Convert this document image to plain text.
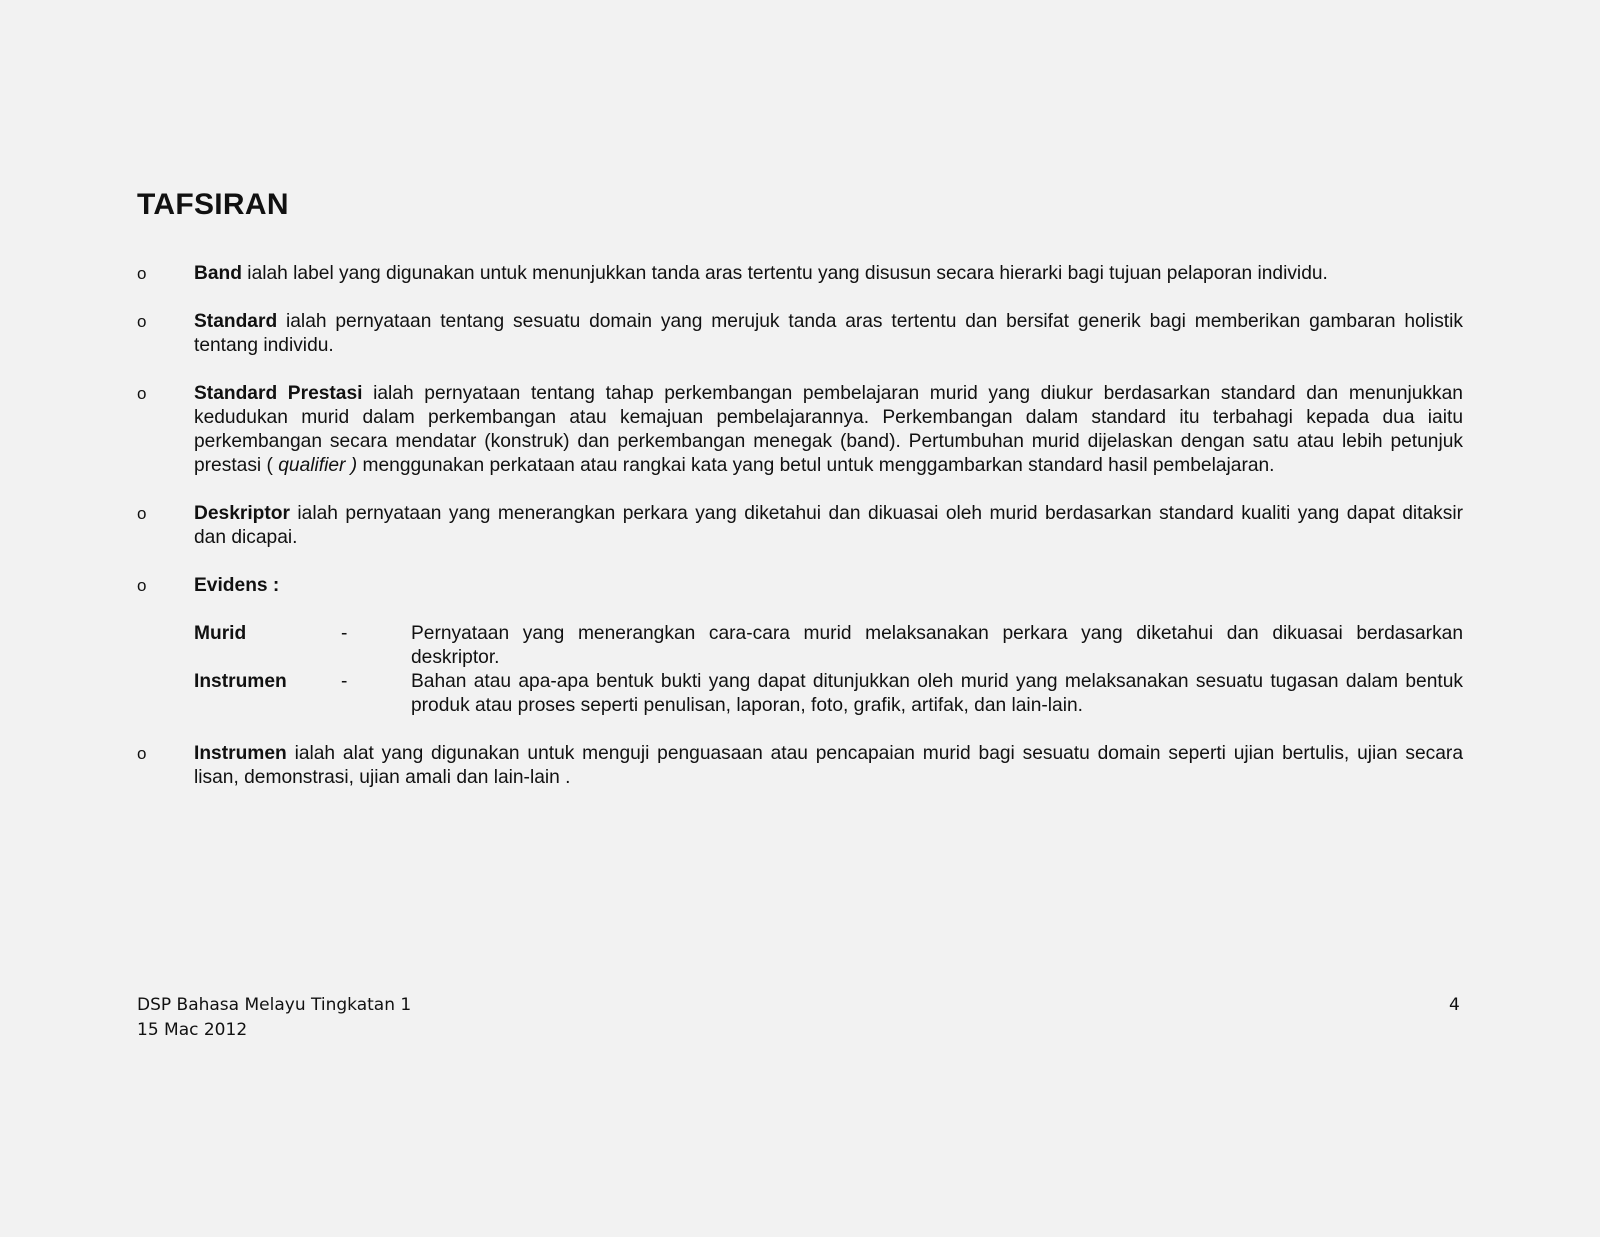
TAFSIRAN
o Band ialah label yang digunakan untuk menunjukkan tanda aras tertentu yang disusun secara hierarki bagi tujuan pelaporan individu.

o Standard ialah pernyataan tentang sesuatu domain yang merujuk tanda aras tertentu dan bersifat generik bagi memberikan gambaran holistik tentang individu.

o Standard Prestasi ialah pernyataan tentang tahap perkembangan pembelajaran murid yang diukur berdasarkan standard dan menunjukkan kedudukan murid dalam perkembangan atau kemajuan pembelajarannya. Perkembangan dalam standard itu terbahagi kepada dua iaitu perkembangan secara mendatar (konstruk) dan perkembangan menegak (band). Pertumbuhan murid dijelaskan dengan satu atau lebih petunjuk prestasi ( qualifier ) menggunakan perkataan atau rangkai kata yang betul untuk menggambarkan standard hasil pembelajaran.

o Deskriptor ialah pernyataan yang menerangkan perkara yang diketahui dan dikuasai oleh murid berdasarkan standard kualiti yang dapat ditaksir dan dicapai.

o Evidens :

Murid	-	Pernyataan yang menerangkan cara-cara murid melaksanakan perkara yang diketahui dan dikuasai berdasarkan deskriptor.
Instrumen	-	Bahan atau apa-apa bentuk bukti yang dapat ditunjukkan oleh murid yang melaksanakan sesuatu tugasan dalam bentuk produk atau proses seperti penulisan, laporan, foto, grafik, artifak, dan lain-lain.
o Instrumen ialah alat yang digunakan untuk menguji penguasaan atau pencapaian murid bagi sesuatu domain seperti ujian bertulis, ujian secara lisan, demonstrasi, ujian amali dan lain-lain .

DSP Bahasa Melayu Tingkatan 1
15 Mac 2012
4
